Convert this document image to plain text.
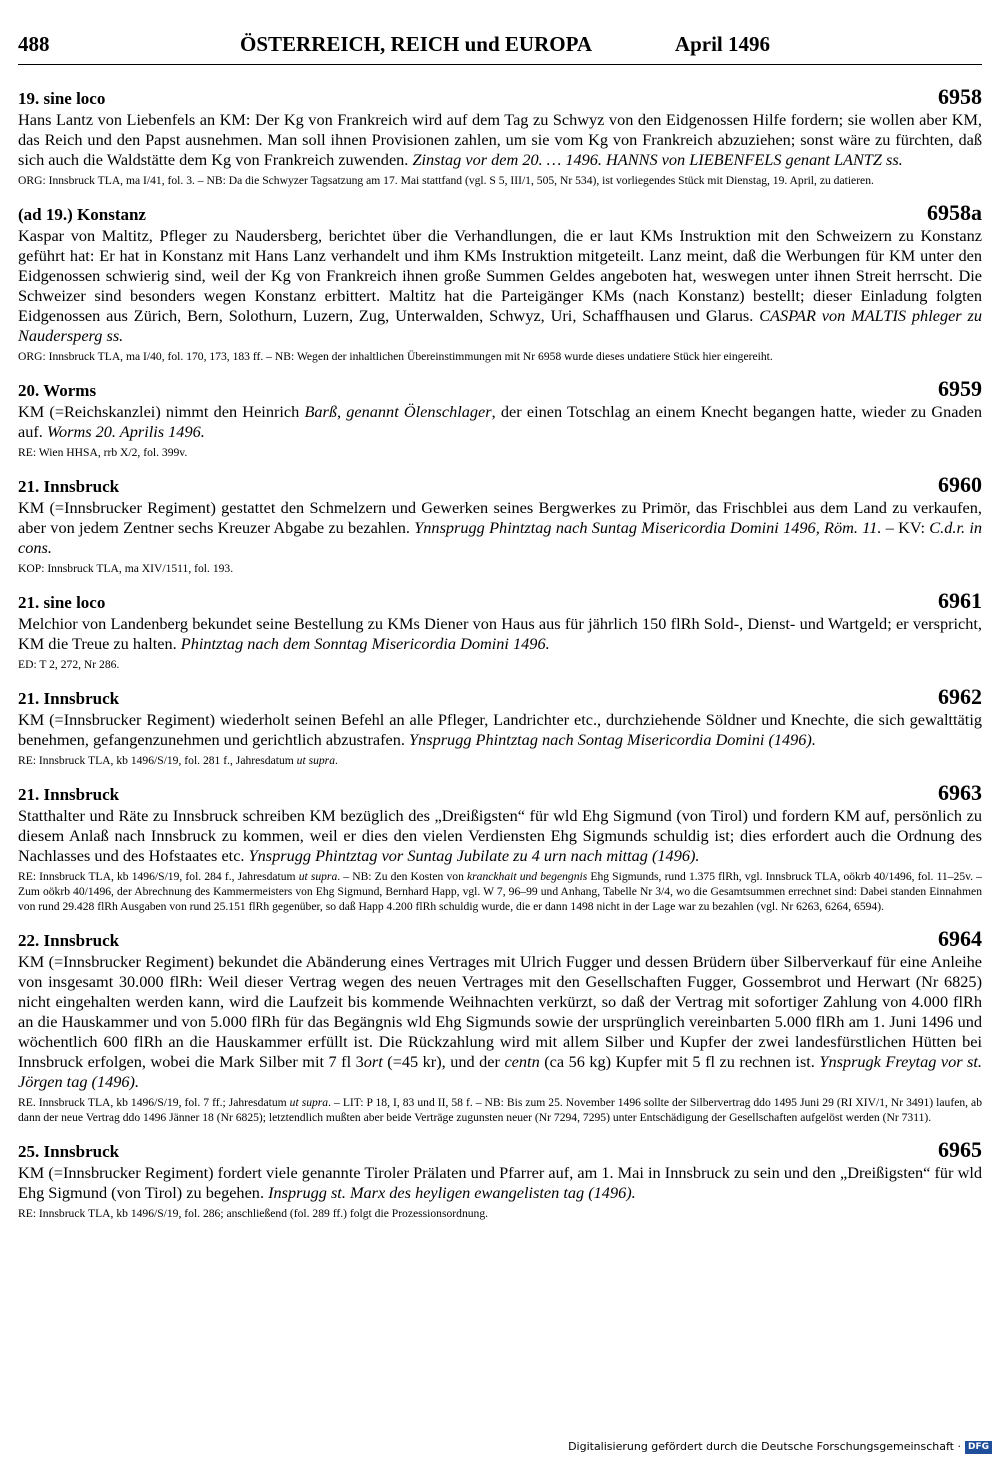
488	ÖSTERREICH, REICH und EUROPA	April 1496
19. sine loco	6958
Hans Lantz von Liebenfels an KM: Der Kg von Frankreich wird auf dem Tag zu Schwyz von den Eidgenossen Hilfe fordern; sie wollen aber KM, das Reich und den Papst ausnehmen. Man soll ihnen Provisionen zahlen, um sie vom Kg von Frankreich abzuziehen; sonst wäre zu fürchten, daß sich auch die Waldstätte dem Kg von Frankreich zuwenden. Zinstag vor dem 20. … 1496. HANNS von LIEBENFELS genant LANTZ ss.
ORG: Innsbruck TLA, ma I/41, fol. 3. – NB: Da die Schwyzer Tagsatzung am 17. Mai stattfand (vgl. S 5, III/1, 505, Nr 534), ist vorliegendes Stück mit Dienstag, 19. April, zu datieren.
(ad 19.) Konstanz	6958a
Kaspar von Maltitz, Pfleger zu Naudersberg, berichtet über die Verhandlungen, die er laut KMs Instruktion mit den Schweizern zu Konstanz geführt hat: Er hat in Konstanz mit Hans Lanz verhandelt und ihm KMs Instruktion mitgeteilt. Lanz meint, daß die Werbungen für KM unter den Eidgenossen schwierig sind, weil der Kg von Frankreich ihnen große Summen Geldes angeboten hat, weswegen unter ihnen Streit herrscht. Die Schweizer sind besonders wegen Konstanz erbittert. Maltitz hat die Parteigänger KMs (nach Konstanz) bestellt; dieser Einladung folgten Eidgenossen aus Zürich, Bern, Solothurn, Luzern, Zug, Unterwalden, Schwyz, Uri, Schaffhausen und Glarus. CASPAR von MALTIS phleger zu Naudersperg ss.
ORG: Innsbruck TLA, ma I/40, fol. 170, 173, 183 ff. – NB: Wegen der inhaltlichen Übereinstimmungen mit Nr 6958 wurde dieses undatiere Stück hier eingereiht.
20. Worms	6959
KM (=Reichskanzlei) nimmt den Heinrich Barß, genannt Ölenschlager, der einen Totschlag an einem Knecht begangen hatte, wieder zu Gnaden auf. Worms 20. Aprilis 1496.
RE: Wien HHSA, rrb X/2, fol. 399v.
21. Innsbruck	6960
KM (=Innsbrucker Regiment) gestattet den Schmelzern und Gewerken seines Bergwerkes zu Primör, das Frischblei aus dem Land zu verkaufen, aber von jedem Zentner sechs Kreuzer Abgabe zu bezahlen. Ynnsprugg Phintztag nach Suntag Misericordia Domini 1496, Röm. 11. – KV: C.d.r. in cons.
KOP: Innsbruck TLA, ma XIV/1511, fol. 193.
21. sine loco	6961
Melchior von Landenberg bekundet seine Bestellung zu KMs Diener von Haus aus für jährlich 150 flRh Sold-, Dienst- und Wartgeld; er verspricht, KM die Treue zu halten. Phintztag nach dem Sonntag Misericordia Domini 1496.
ED: T 2, 272, Nr 286.
21. Innsbruck	6962
KM (=Innsbrucker Regiment) wiederholt seinen Befehl an alle Pfleger, Landrichter etc., durchziehende Söldner und Knechte, die sich gewalttätig benehmen, gefangenzunehmen und gerichtlich abzustrafen. Ynsprugg Phintztag nach Sontag Misericordia Domini (1496).
RE: Innsbruck TLA, kb 1496/S/19, fol. 281 f., Jahresdatum ut supra.
21. Innsbruck	6963
Statthalter und Räte zu Innsbruck schreiben KM bezüglich des „Dreißigsten“ für wld Ehg Sigmund (von Tirol) und fordern KM auf, persönlich zu diesem Anlaß nach Innsbruck zu kommen, weil er dies den vielen Verdiensten Ehg Sigmunds schuldig ist; dies erfordert auch die Ordnung des Nachlasses und des Hofstaates etc. Ynsprugg Phintztag vor Suntag Jubilate zu 4 urn nach mittag (1496).
RE: Innsbruck TLA, kb 1496/S/19, fol. 284 f., Jahresdatum ut supra. – NB: Zu den Kosten von kranckhait und begengnis Ehg Sigmunds, rund 1.375 flRh, vgl. Innsbruck TLA, oökrb 40/1496, fol. 11–25v. – Zum oökrb 40/1496, der Abrechnung des Kammermeisters von Ehg Sigmund, Bernhard Happ, vgl. W 7, 96–99 und Anhang, Tabelle Nr 3/4, wo die Gesamtsummen errechnet sind: Dabei standen Einnahmen von rund 29.428 flRh Ausgaben von rund 25.151 flRh gegenüber, so daß Happ 4.200 flRh schuldig wurde, die er dann 1498 nicht in der Lage war zu bezahlen (vgl. Nr 6263, 6264, 6594).
22. Innsbruck	6964
KM (=Innsbrucker Regiment) bekundet die Abänderung eines Vertrages mit Ulrich Fugger und dessen Brüdern über Silberverkauf für eine Anleihe von insgesamt 30.000 flRh: Weil dieser Vertrag wegen des neuen Vertrages mit den Gesellschaften Fugger, Gossembrot und Herwart (Nr 6825) nicht eingehalten werden kann, wird die Laufzeit bis kommende Weihnachten verkürzt, so daß der Vertrag mit sofortiger Zahlung von 4.000 flRh an die Hauskammer und von 5.000 flRh für das Begängnis wld Ehg Sigmunds sowie der ursprünglich vereinbarten 5.000 flRh am 1. Juni 1496 und wöchentlich 600 flRh an die Hauskammer erfüllt ist. Die Rückzahlung wird mit allem Silber und Kupfer der zwei landesfürstlichen Hütten bei Innsbruck erfolgen, wobei die Mark Silber mit 7 fl 3ort (=45 kr), und der centn (ca 56 kg) Kupfer mit 5 fl zu rechnen ist. Ynsprugk Freytag vor st. Jörgen tag (1496).
RE. Innsbruck TLA, kb 1496/S/19, fol. 7 ff.; Jahresdatum ut supra. – LIT: P 18, I, 83 und II, 58 f. – NB: Bis zum 25. November 1496 sollte der Silbervertrag ddo 1495 Juni 29 (RI XIV/1, Nr 3491) laufen, ab dann der neue Vertrag ddo 1496 Jänner 18 (Nr 6825); letztendlich mußten aber beide Verträge zugunsten neuer (Nr 7294, 7295) unter Entschädigung der Gesellschaften aufgelöst werden (Nr 7311).
25. Innsbruck	6965
KM (=Innsbrucker Regiment) fordert viele genannte Tiroler Prälaten und Pfarrer auf, am 1. Mai in Innsbruck zu sein und den „Dreißigsten“ für wld Ehg Sigmund (von Tirol) zu begehen. Insprugg st. Marx des heyligen ewangelisten tag (1496).
RE: Innsbruck TLA, kb 1496/S/19, fol. 286; anschließend (fol. 289 ff.) folgt die Prozessionsordnung.
Digitalisierung gefördert durch die Deutsche Forschungsgemeinschaft · DFG
